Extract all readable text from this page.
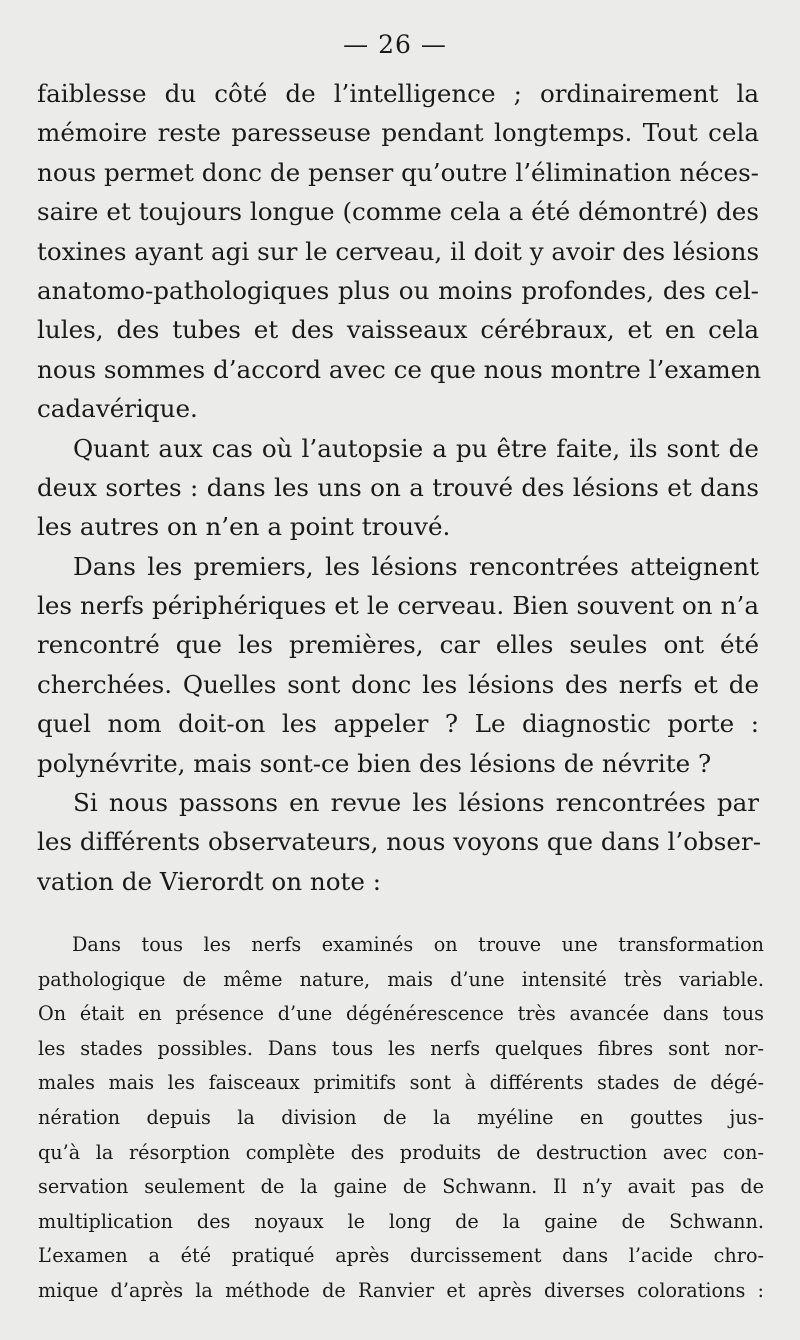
— 26 —
faiblesse du côté de l’intelligence ; ordinairement la
mémoire reste paresseuse pendant longtemps. Tout cela
nous permet donc de penser qu’outre l’élimination néces-
saire et toujours longue (comme cela a été démontré) des
toxines ayant agi sur le cerveau, il doit y avoir des lésions
anatomo-pathologiques plus ou moins profondes, des cel-
lules, des tubes et des vaisseaux cérébraux, et en cela
nous sommes d’accord avec ce que nous montre l’examen
cadavérique.
Quant aux cas où l’autopsie a pu être faite, ils sont de
deux sortes : dans les uns on a trouvé des lésions et dans
les autres on n’en a point trouvé.
Dans les premiers, les lésions rencontrées atteignent
les nerfs périphériques et le cerveau. Bien souvent on n’a
rencontré que les premières, car elles seules ont été
cherchées. Quelles sont donc les lésions des nerfs et de
quel nom doit-on les appeler ? Le diagnostic porte :
polynévrite, mais sont-ce bien des lésions de névrite ?
Si nous passons en revue les lésions rencontrées par
les différents observateurs, nous voyons que dans l’obser-
vation de Vierordt on note :
Dans tous les nerfs examinés on trouve une transformation
pathologique de même nature, mais d’une intensité très variable.
On était en présence d’une dégénérescence très avancée dans tous
les stades possibles. Dans tous les nerfs quelques fibres sont nor-
males mais les faisceaux primitifs sont à différents stades de dégé-
nération depuis la division de la myéline en gouttes jus-
qu’à la résorption complète des produits de destruction avec con-
servation seulement de la gaine de Schwann. Il n’y avait pas de
multiplication des noyaux le long de la gaine de Schwann.
L’examen a été pratiqué après durcissement dans l’acide chro-
mique d’après la méthode de Ranvier et après diverses colorations :
